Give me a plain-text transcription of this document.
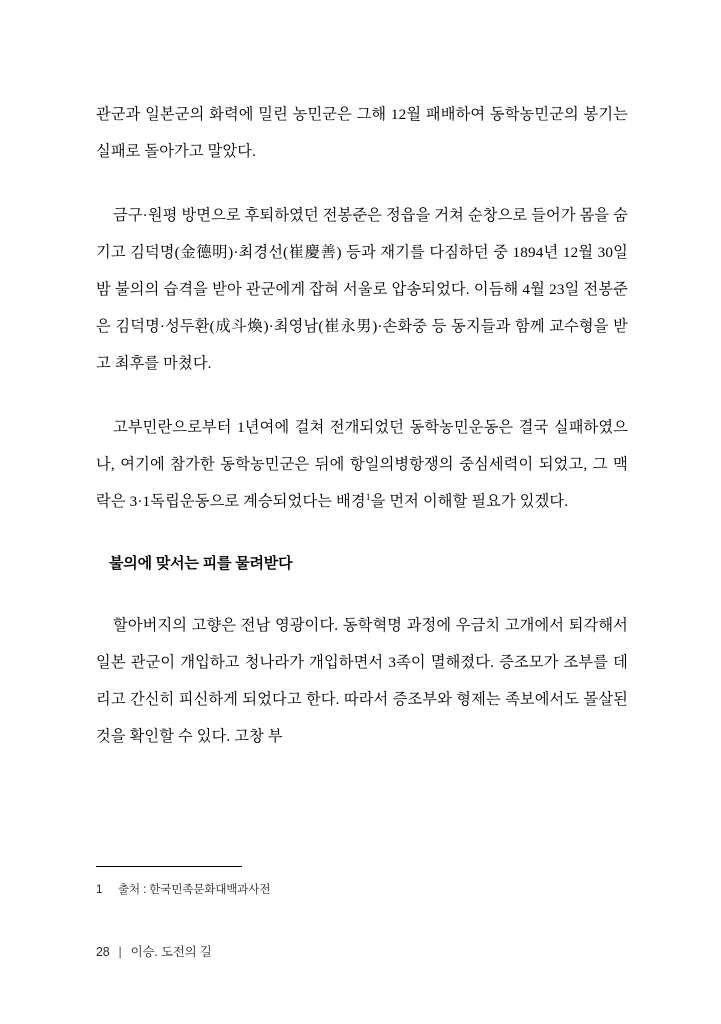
관군과 일본군의 화력에 밀린 농민군은 그해 12월 패배하여 동학농민군의 봉기는 실패로 돌아가고 말았다.

금구·원평 방면으로 후퇴하였던 전봉준은 정읍을 거쳐 순창으로 들어가 몸을 숨기고 김덕명(金德明)·최경선(崔慶善) 등과 재기를 다짐하던 중 1894년 12월 30일 밤 불의의 습격을 받아 관군에게 잡혀 서울로 압송되었다. 이듬해 4월 23일 전봉준은 김덕명·성두환(成斗煥)·최영남(崔永男)·손화중 등 동지들과 함께 교수형을 받고 최후를 마쳤다.

고부민란으로부터 1년여에 걸쳐 전개되었던 동학농민운동은 결국 실패하였으나, 여기에 참가한 동학농민군은 뒤에 항일의병항쟁의 중심세력이 되었고, 그 맥락은 3·1독립운동으로 계승되었다는 배경$^1$을 먼저 이해할 필요가 있겠다.

불의에 맞서는 피를 물려받다

할아버지의 고향은 전남 영광이다. 동학혁명 과정에 우금치 고개에서 퇴각해서 일본 관군이 개입하고 청나라가 개입하면서 3족이 멸해졌다. 증조모가 조부를 데리고 간신히 피신하게 되었다고 한다. 따라서 증조부와 형제는 족보에서도 몰살된 것을 확인할 수 있다. 고창 부

1 출처 : 한국민족문화대백과사전
28 | 이승. 도전의 길
